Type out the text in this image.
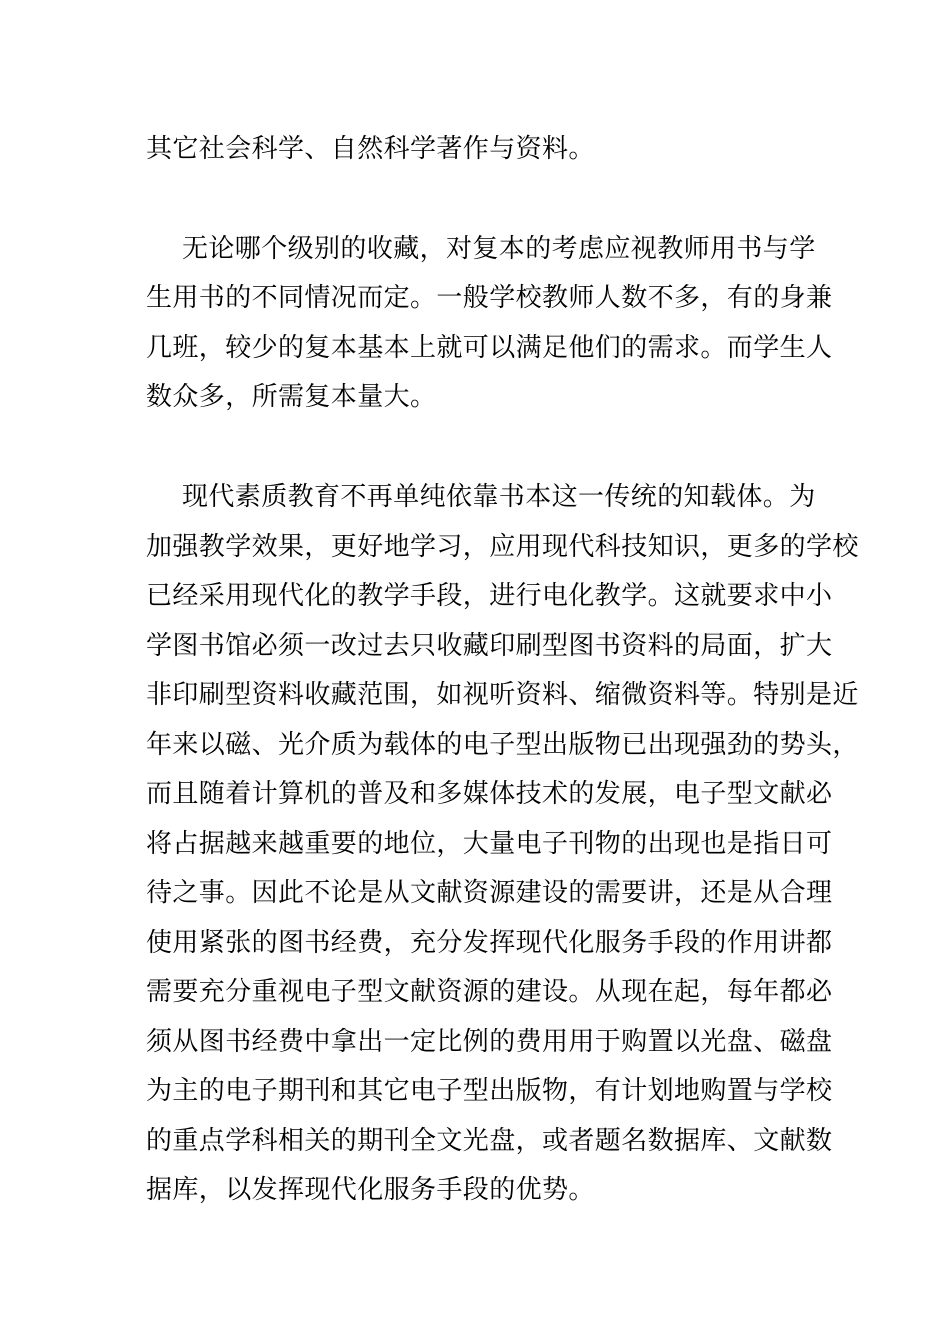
其它社会科学、自然科学著作与资料。
无论哪个级别的收藏，对复本的考虑应视教师用书与学
生用书的不同情况而定。一般学校教师人数不多，有的身兼
几班，较少的复本基本上就可以满足他们的需求。而学生人
数众多，所需复本量大。
现代素质教育不再单纯依靠书本这一传统的知载体。为
加强教学效果，更好地学习，应用现代科技知识，更多的学校
已经采用现代化的教学手段，进行电化教学。这就要求中小
学图书馆必须一改过去只收藏印刷型图书资料的局面，扩大
非印刷型资料收藏范围，如视听资料、缩微资料等。特别是近
年来以磁、光介质为载体的电子型出版物已出现强劲的势头，
而且随着计算机的普及和多媒体技术的发展，电子型文献必
将占据越来越重要的地位，大量电子刊物的出现也是指日可
待之事。因此不论是从文献资源建设的需要讲，还是从合理
使用紧张的图书经费，充分发挥现代化服务手段的作用讲都
需要充分重视电子型文献资源的建设。从现在起，每年都必
须从图书经费中拿出一定比例的费用用于购置以光盘、磁盘
为主的电子期刊和其它电子型出版物，有计划地购置与学校
的重点学科相关的期刊全文光盘，或者题名数据库、文献数
据库，以发挥现代化服务手段的优势。
